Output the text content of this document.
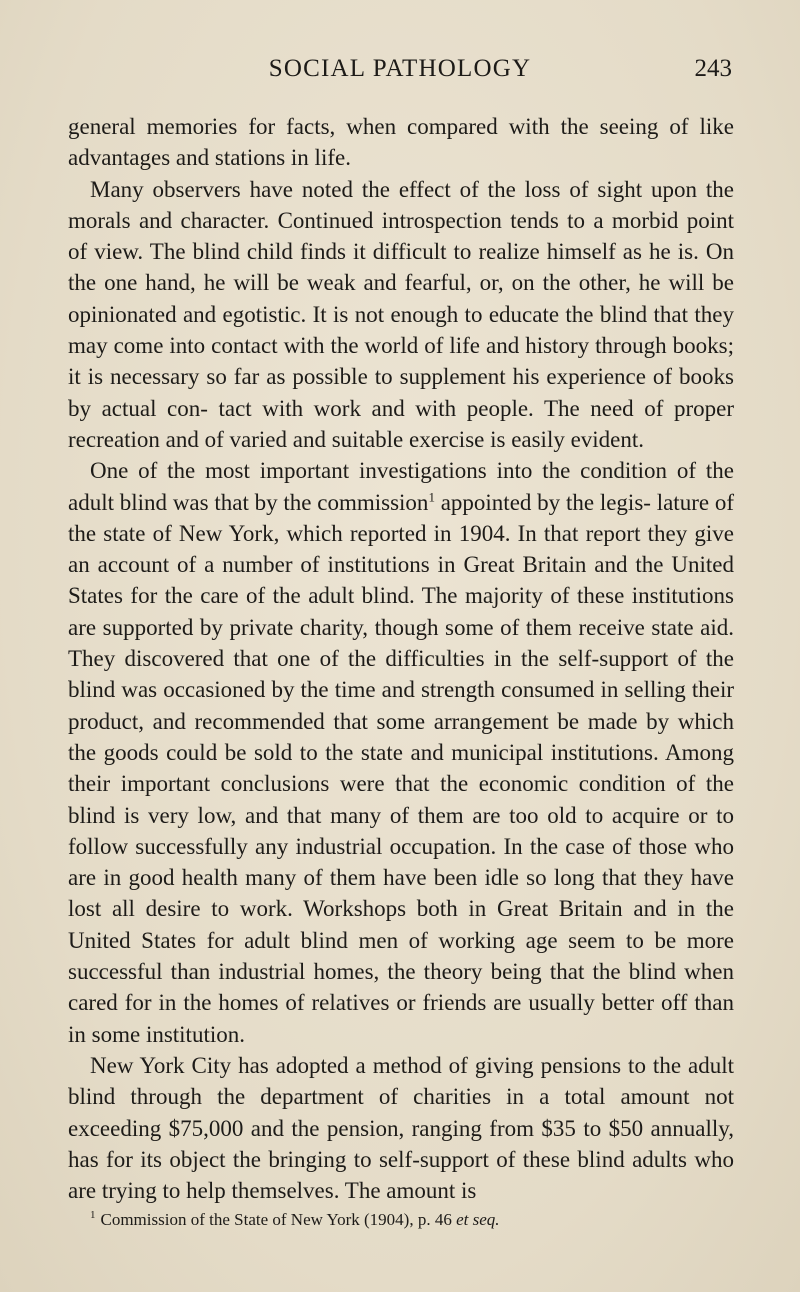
SOCIAL PATHOLOGY	243

general memories for facts, when compared with the seeing of like advantages and stations in life.

Many observers have noted the effect of the loss of sight upon the morals and character. Continued introspection tends to a morbid point of view. The blind child finds it difficult to realize himself as he is. On the one hand, he will be weak and fearful, or, on the other, he will be opinionated and egotistic. It is not enough to educate the blind that they may come into contact with the world of life and history through books; it is necessary so far as possible to supplement his experience of books by actual con- tact with work and with people. The need of proper recreation and of varied and suitable exercise is easily evident.

One of the most important investigations into the condition of the adult blind was that by the commission$^1$ appointed by the legis- lature of the state of New York, which reported in 1904. In that report they give an account of a number of institutions in Great Britain and the United States for the care of the adult blind. The majority of these institutions are supported by private charity, though some of them receive state aid. They discovered that one of the difficulties in the self-support of the blind was occasioned by the time and strength consumed in selling their product, and recommended that some arrangement be made by which the goods could be sold to the state and municipal institutions. Among their important conclusions were that the economic condition of the blind is very low, and that many of them are too old to acquire or to follow successfully any industrial occupation. In the case of those who are in good health many of them have been idle so long that they have lost all desire to work. Workshops both in Great Britain and in the United States for adult blind men of working age seem to be more successful than industrial homes, the theory being that the blind when cared for in the homes of relatives or friends are usually better off than in some institution.

New York City has adopted a method of giving pensions to the adult blind through the department of charities in a total amount not exceeding $75,000 and the pension, ranging from $35 to $50 annually, has for its object the bringing to self-support of these blind adults who are trying to help themselves. The amount is

$^1$ Commission of the State of New York (1904), p. 46 et seq.
